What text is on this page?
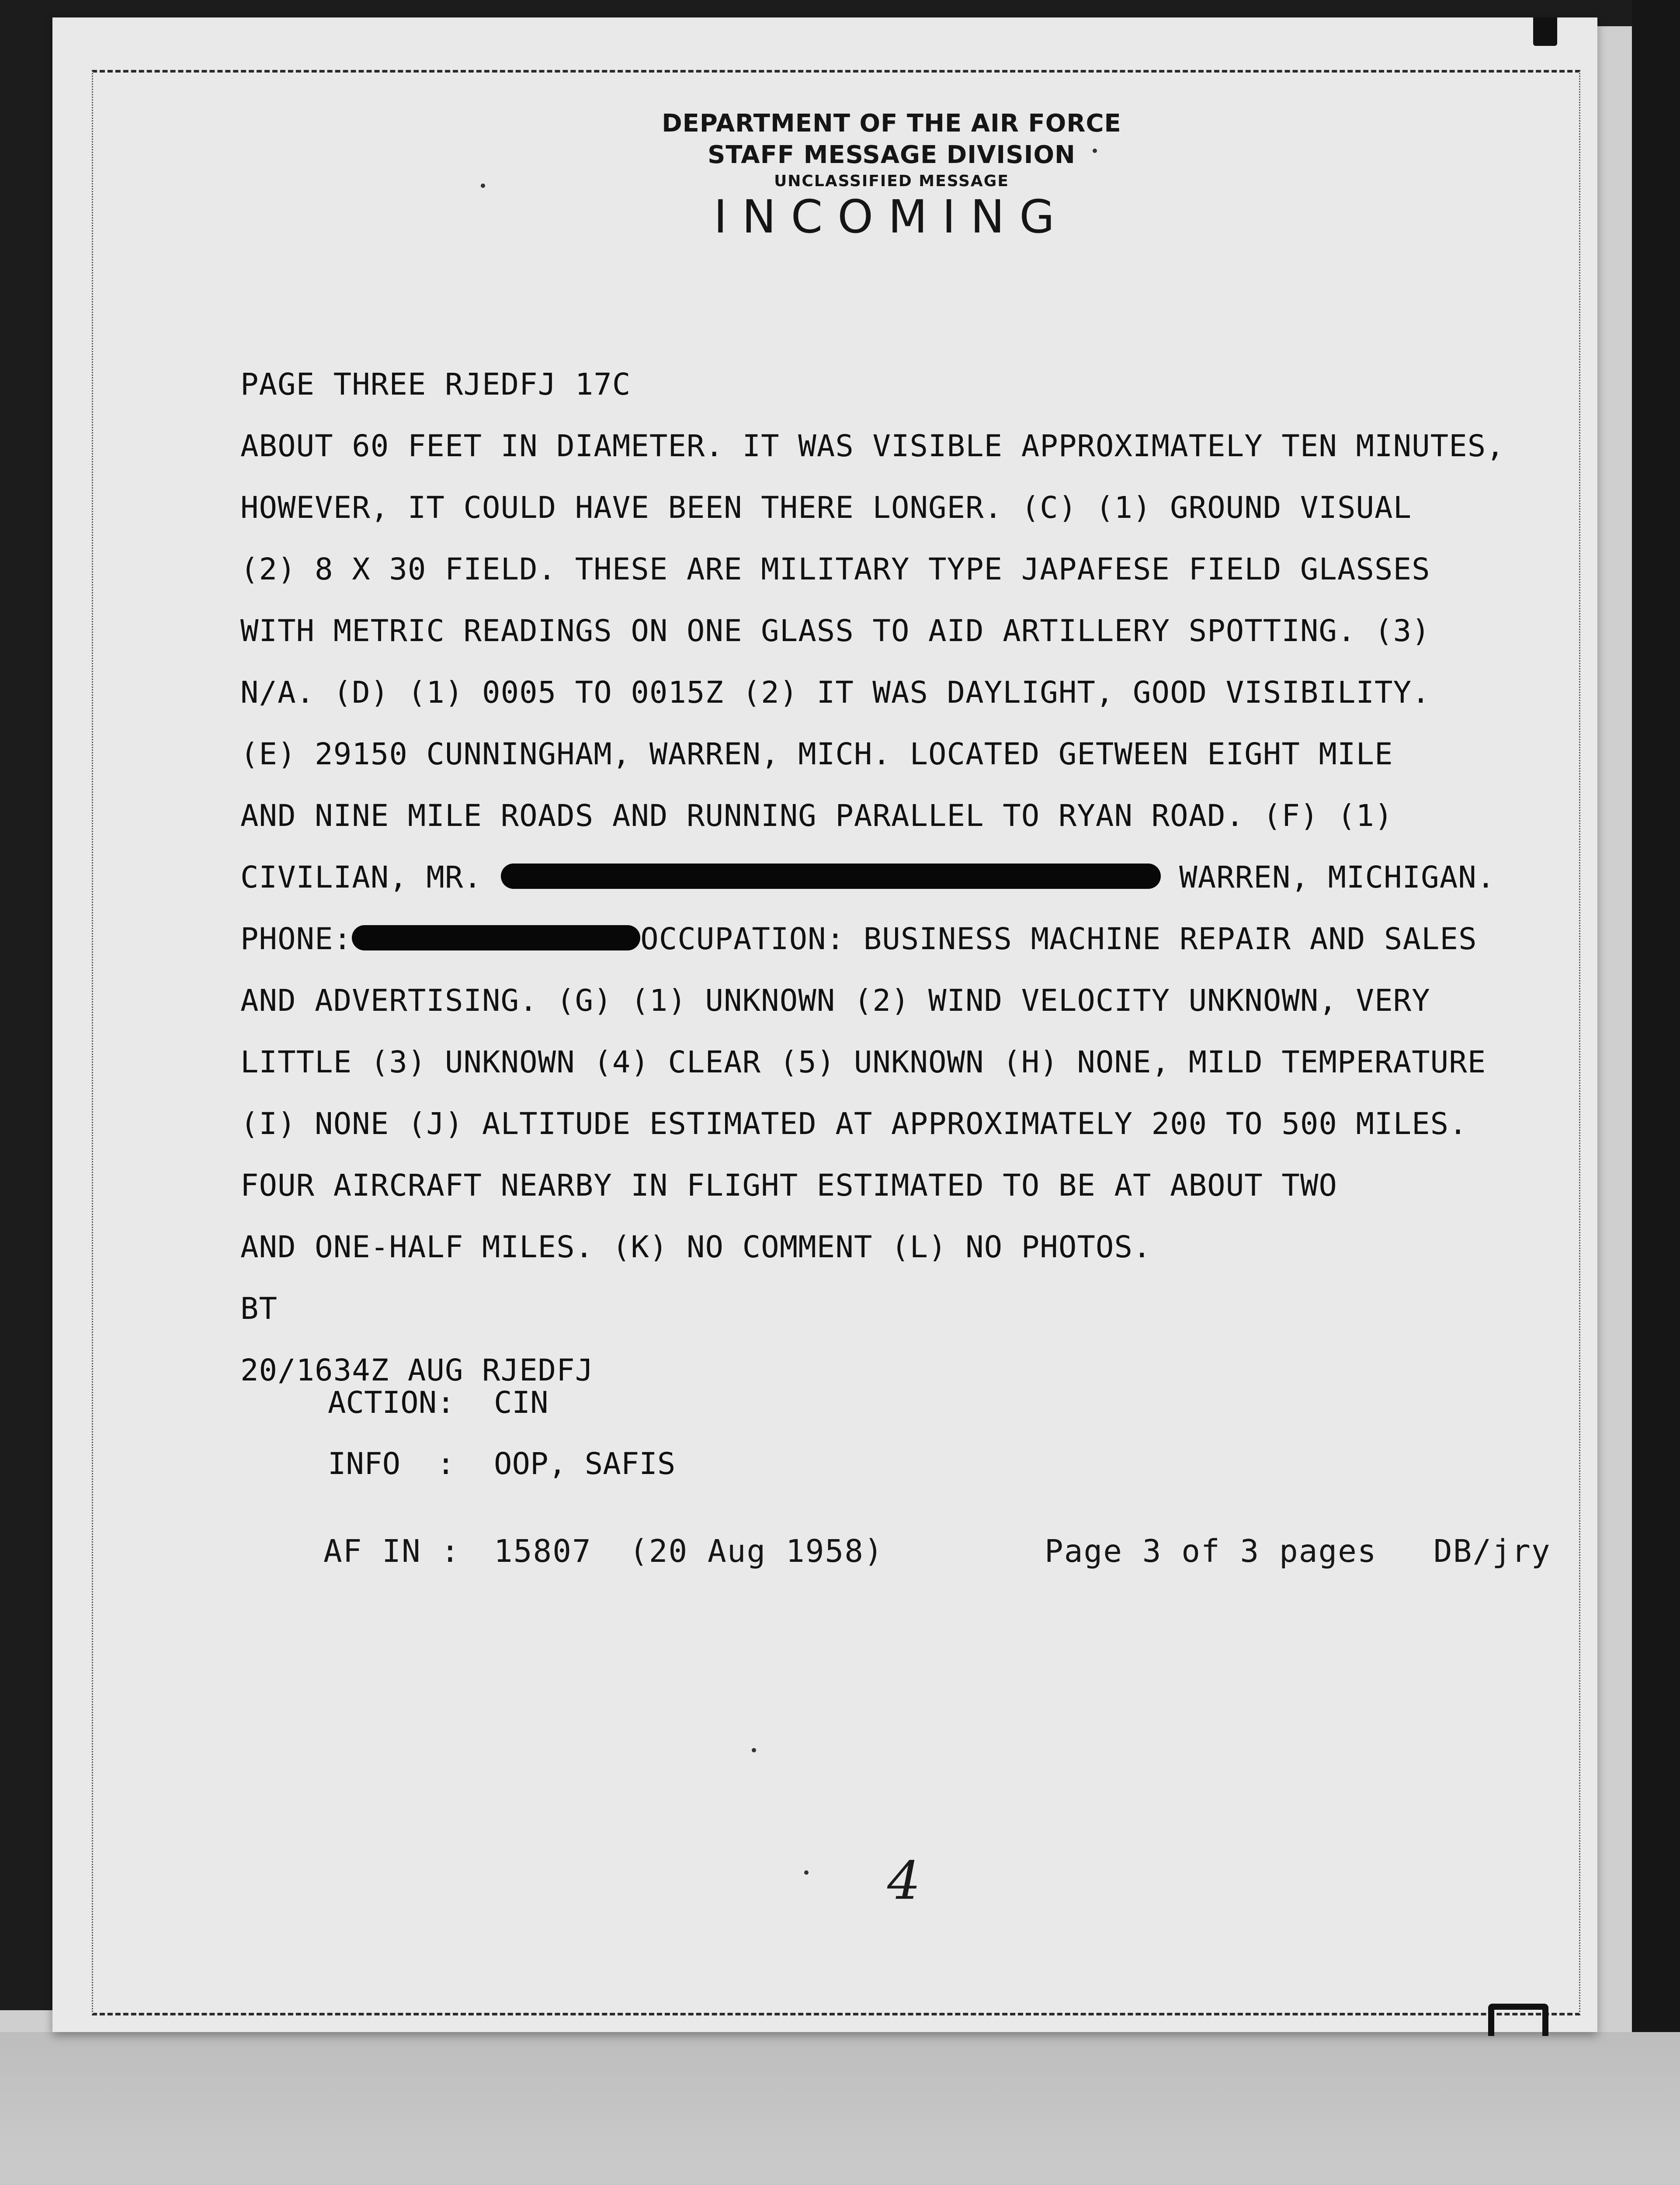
DEPARTMENT OF THE AIR FORCE
STAFF MESSAGE DIVISION
UNCLASSIFIED MESSAGE
INCOMING
PAGE THREE RJEDFJ 17C
ABOUT 60 FEET IN DIAMETER. IT WAS VISIBLE APPROXIMATELY TEN MINUTES,
HOWEVER, IT COULD HAVE BEEN THERE LONGER. (C) (1) GROUND VISUAL
(2) 8 X 30 FIELD. THESE ARE MILITARY TYPE JAPAFESE FIELD GLASSES
WITH METRIC READINGS ON ONE GLASS TO AID ARTILLERY SPOTTING. (3)
N/A. (D) (1) 0005 TO 0015Z (2) IT WAS DAYLIGHT, GOOD VISIBILITY.
(E) 29150 CUNNINGHAM, WARREN, MICH. LOCATED GETWEEN EIGHT MILE
AND NINE MILE ROADS AND RUNNING PARALLEL TO RYAN ROAD. (F) (1)
CIVILIAN, MR.	WARREN, MICHIGAN.
PHONE:	OCCUPATION: BUSINESS MACHINE REPAIR AND SALES
AND ADVERTISING. (G) (1) UNKNOWN (2) WIND VELOCITY UNKNOWN, VERY
LITTLE (3) UNKNOWN (4) CLEAR (5) UNKNOWN (H) NONE, MILD TEMPERATURE
(I) NONE (J) ALTITUDE ESTIMATED AT APPROXIMATELY 200 TO 500 MILES.
FOUR AIRCRAFT NEARBY IN FLIGHT ESTIMATED TO BE AT ABOUT TWO
AND ONE-HALF MILES. (K) NO COMMENT (L) NO PHOTOS.
BT
20/1634Z AUG RJEDFJ
ACTION: CIN
INFO  : OOP, SAFIS
AF IN : 15807 (20 Aug 1958)	Page 3 of 3 pages DB/jry
4
